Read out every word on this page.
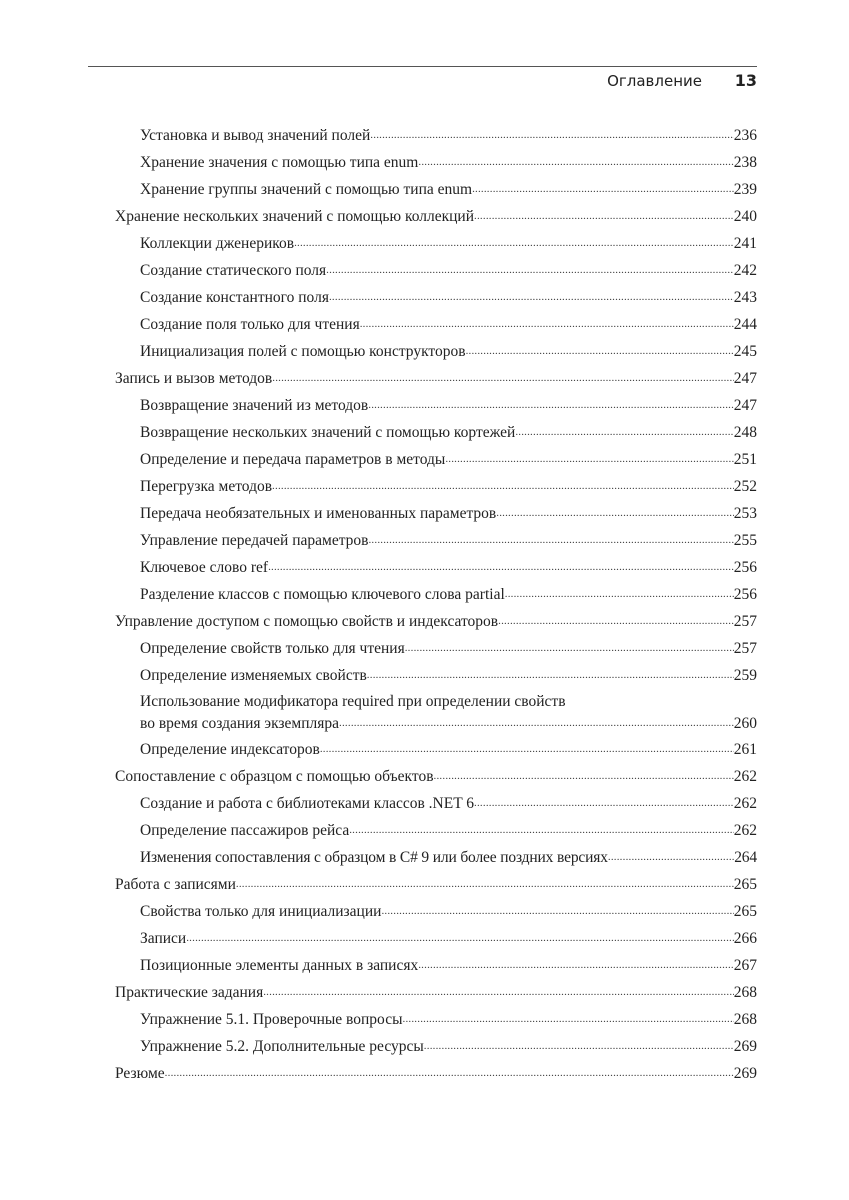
Оглавление	13
Установка и вывод значений полей .....	236
Хранение значения с помощью типа enum .....	238
Хранение группы значений с помощью типа enum .....	239
Хранение нескольких значений с помощью коллекций .....	240
Коллекции дженериков .....	241
Создание статического поля .....	242
Создание константного поля .....	243
Создание поля только для чтения .....	244
Инициализация полей с помощью конструкторов .....	245
Запись и вызов методов .....	247
Возвращение значений из методов .....	247
Возвращение нескольких значений с помощью кортежей .....	248
Определение и передача параметров в методы .....	251
Перегрузка методов .....	252
Передача необязательных и именованных параметров .....	253
Управление передачей параметров .....	255
Ключевое слово ref .....	256
Разделение классов с помощью ключевого слова partial .....	256
Управление доступом с помощью свойств и индексаторов .....	257
Определение свойств только для чтения .....	257
Определение изменяемых свойств .....	259
Использование модификатора required при определении свойств
во время создания экземпляра .....	260
Определение индексаторов .....	261
Сопоставление с образцом с помощью объектов .....	262
Создание и работа с библиотеками классов .NET 6 .....	262
Определение пассажиров рейса .....	262
Изменения сопоставления с образцом в C# 9 или более поздних версиях .....	264
Работа с записями .....	265
Свойства только для инициализации .....	265
Записи .....	266
Позиционные элементы данных в записях .....	267
Практические задания .....	268
Упражнение 5.1. Проверочные вопросы .....	268
Упражнение 5.2. Дополнительные ресурсы .....	269
Резюме .....	269
